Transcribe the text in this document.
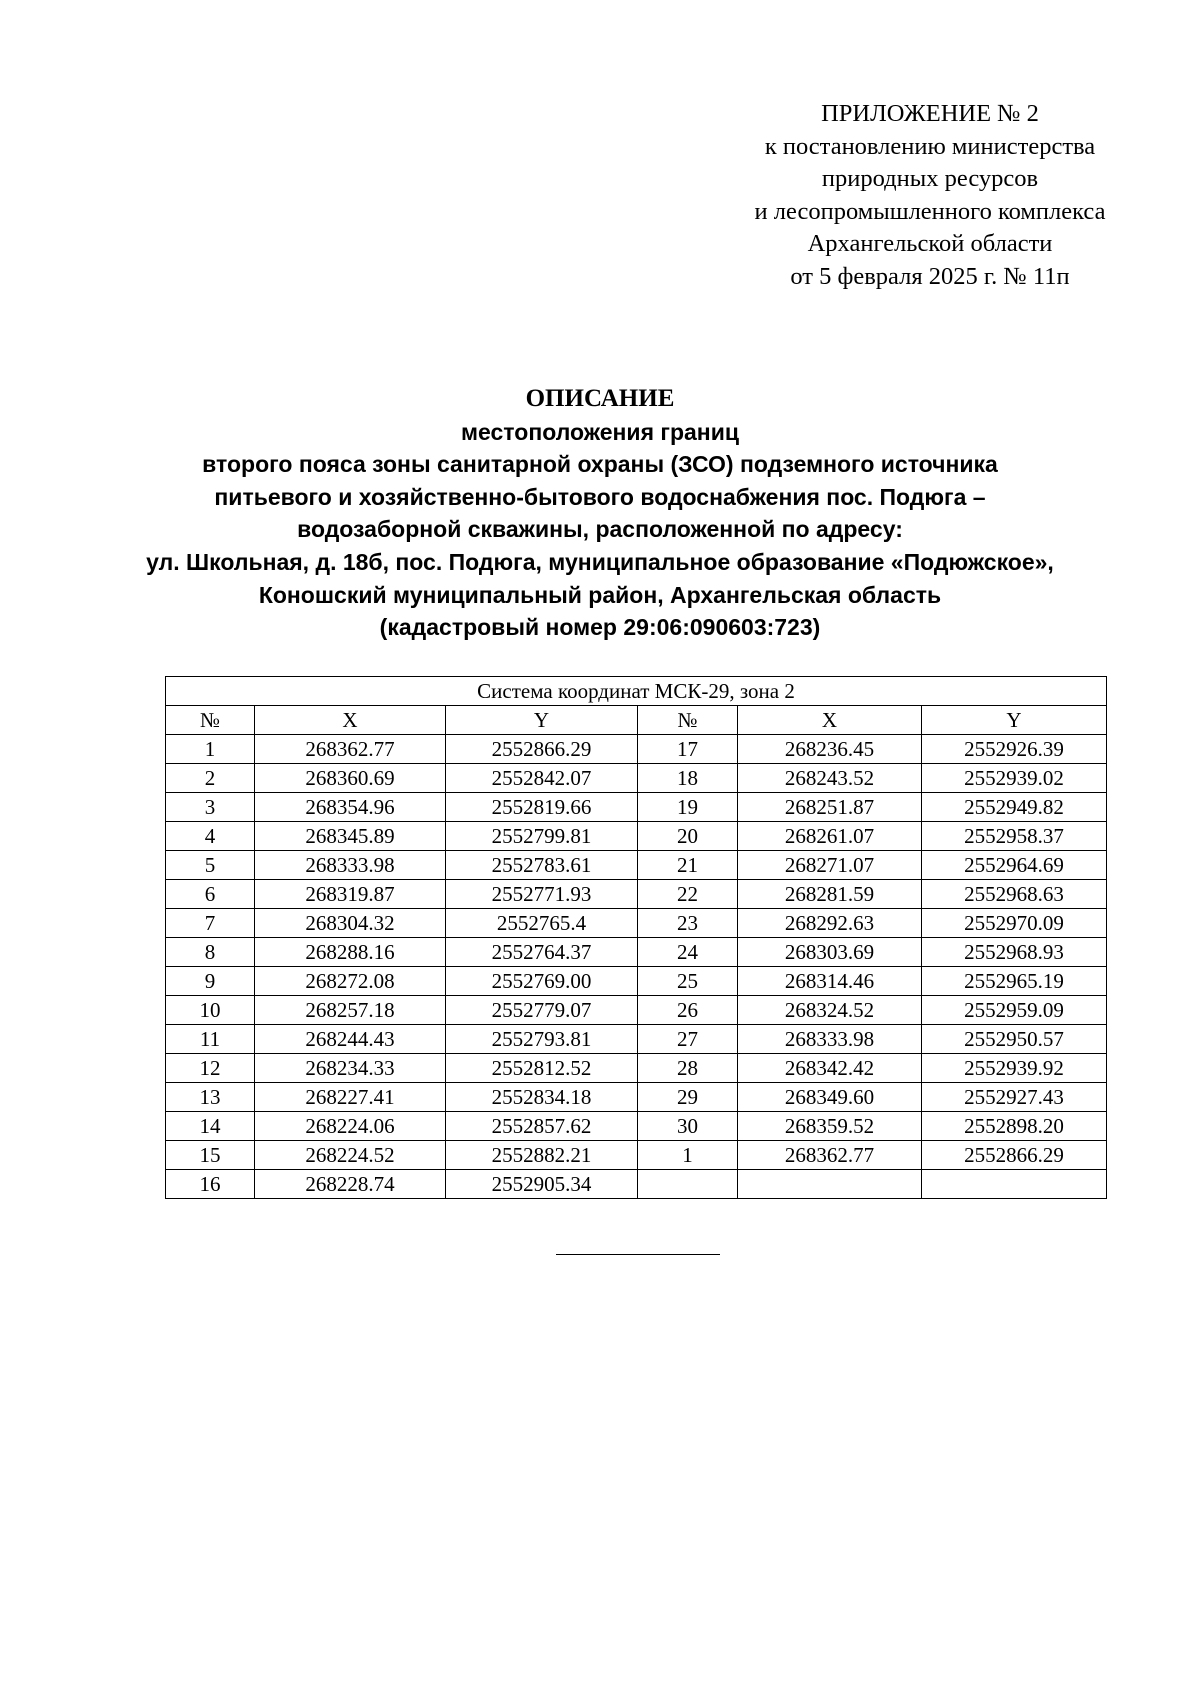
ПРИЛОЖЕНИЕ № 2
к постановлению министерства
природных ресурсов
и лесопромышленного комплекса
Архангельской области
от 5 февраля 2025 г. № 11п
ОПИСАНИЕ
местоположения границ
второго пояса зоны санитарной охраны (ЗСО) подземного источника
питьевого и хозяйственно-бытового водоснабжения пос. Подюга –
водозаборной скважины, расположенной по адресу:
ул. Школьная, д. 18б, пос. Подюга, муниципальное образование «Подюжское»,
Коношский муниципальный район, Архангельская область
(кадастровый номер 29:06:090603:723)
Система координат МСК-29, зона 2					
№	X	Y	№	X	Y
1	268362.77	2552866.29	17	268236.45	2552926.39
2	268360.69	2552842.07	18	268243.52	2552939.02
3	268354.96	2552819.66	19	268251.87	2552949.82
4	268345.89	2552799.81	20	268261.07	2552958.37
5	268333.98	2552783.61	21	268271.07	2552964.69
6	268319.87	2552771.93	22	268281.59	2552968.63
7	268304.32	2552765.4	23	268292.63	2552970.09
8	268288.16	2552764.37	24	268303.69	2552968.93
9	268272.08	2552769.00	25	268314.46	2552965.19
10	268257.18	2552779.07	26	268324.52	2552959.09
11	268244.43	2552793.81	27	268333.98	2552950.57
12	268234.33	2552812.52	28	268342.42	2552939.92
13	268227.41	2552834.18	29	268349.60	2552927.43
14	268224.06	2552857.62	30	268359.52	2552898.20
15	268224.52	2552882.21	1	268362.77	2552866.29
16	268228.74	2552905.34			
